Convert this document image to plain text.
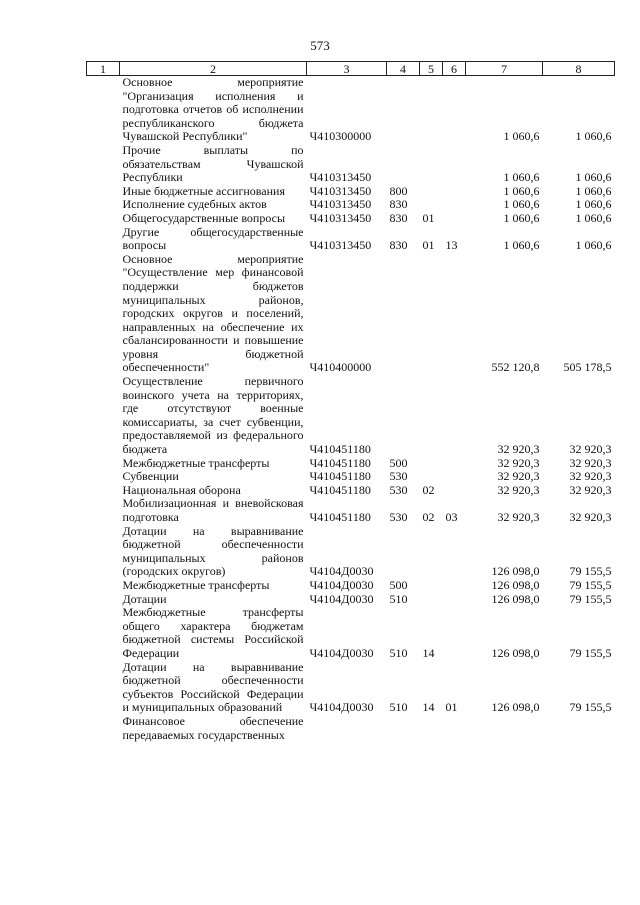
573
1	2	3	4	5	6	7	8
	Основное мероприятие "Организация исполнения и подготовка отчетов об исполнении республиканского бюджета Чувашской Республики"	Ч410300000				1 060,6	1 060,6
	Прочие выплаты по обязательствам Чувашской Республики	Ч410313450				1 060,6	1 060,6
	Иные бюджетные ассигнования	Ч410313450	800			1 060,6	1 060,6
	Исполнение судебных актов	Ч410313450	830			1 060,6	1 060,6
	Общегосударственные вопросы	Ч410313450	830	01		1 060,6	1 060,6
	Другие общегосударственные вопросы	Ч410313450	830	01	13	1 060,6	1 060,6
	Основное мероприятие "Осуществление мер финансовой поддержки бюджетов муниципальных районов, городских округов и поселений, направленных на обеспечение их сбалансированности и повышение уровня бюджетной обеспеченности"	Ч410400000				552 120,8	505 178,5
	Осуществление первичного воинского учета на территориях, где отсутствуют военные комиссариаты, за счет субвенции, предоставляемой из федерального бюджета	Ч410451180				32 920,3	32 920,3
	Межбюджетные трансферты	Ч410451180	500			32 920,3	32 920,3
	Субвенции	Ч410451180	530			32 920,3	32 920,3
	Национальная оборона	Ч410451180	530	02		32 920,3	32 920,3
	Мобилизационная и вневойсковая подготовка	Ч410451180	530	02	03	32 920,3	32 920,3
	Дотации на выравнивание бюджетной обеспеченности муниципальных районов (городских округов)	Ч4104Д0030				126 098,0	79 155,5
	Межбюджетные трансферты	Ч4104Д0030	500			126 098,0	79 155,5
	Дотации	Ч4104Д0030	510			126 098,0	79 155,5
	Межбюджетные трансферты общего характера бюджетам бюджетной системы Российской Федерации	Ч4104Д0030	510	14		126 098,0	79 155,5
	Дотации на выравнивание бюджетной обеспеченности субъектов Российской Федерации и муниципальных образований	Ч4104Д0030	510	14	01	126 098,0	79 155,5
	Финансовое обеспечение передаваемых государственных						
